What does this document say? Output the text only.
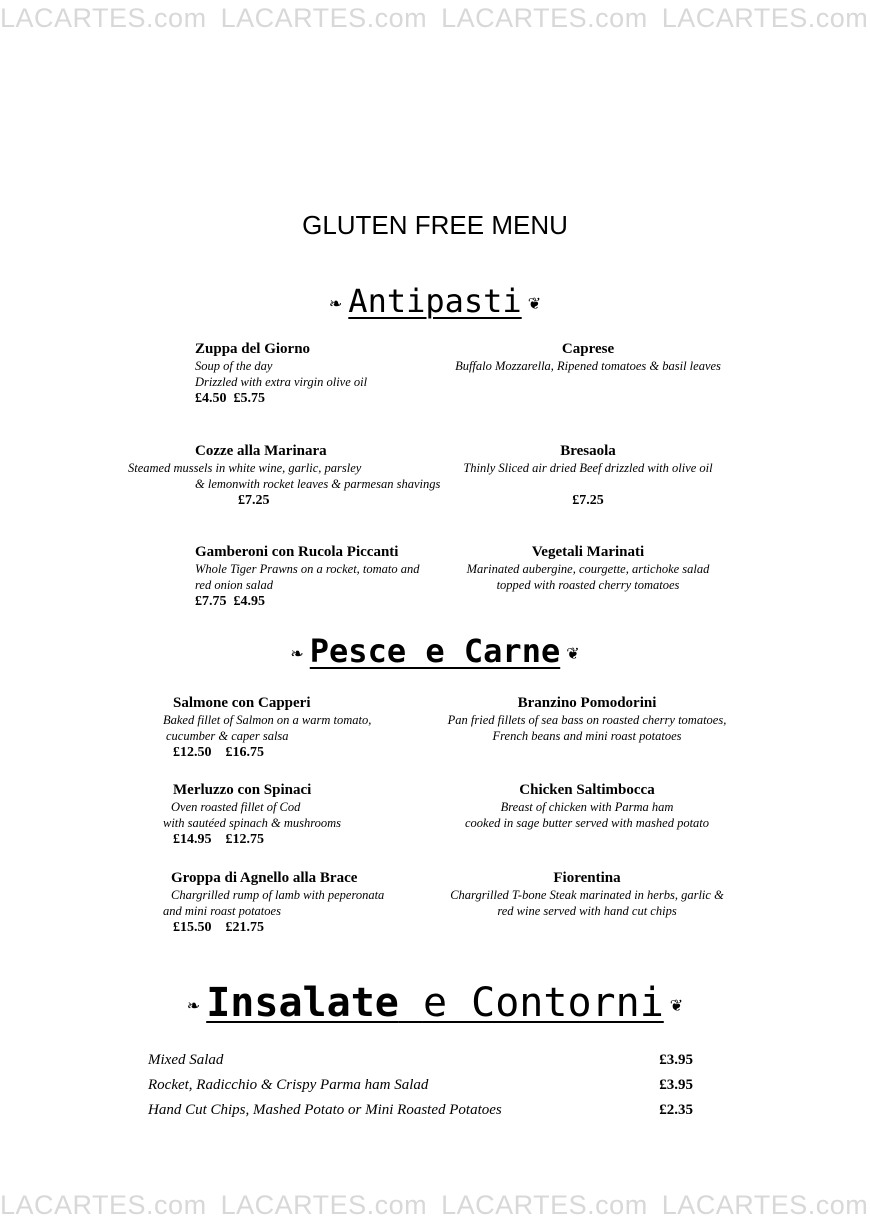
LACARTES.com LACARTES.com LACARTES.com LACARTES.com
GLUTEN FREE MENU
❧ Antipasti ❦
Zuppa del Giorno
Soup of the day
Drizzled with extra virgin olive oil
£4.50  £5.75
Caprese
Buffalo Mozzarella, Ripened tomatoes & basil leaves
Cozze alla Marinara
Steamed mussels in white wine, garlic, parsley
& lemonwith rocket leaves & parmesan shavings
£7.25
Bresaola
Thinly Sliced air dried Beef drizzled with olive oil

£7.25
Gamberoni con Rucola Piccanti
Whole Tiger Prawns on a rocket, tomato and
red onion salad
£7.75  £4.95
Vegetali Marinati
Marinated aubergine, courgette, artichoke salad
topped with roasted cherry tomatoes
❧ Pesce e Carne ❦
Salmone con Capperi
Baked fillet of Salmon on a warm tomato,
cucumber & caper salsa
£12.50    £16.75
Branzino Pomodorini
Pan fried fillets of sea bass on roasted cherry tomatoes,
French beans and mini roast potatoes
Merluzzo con Spinaci
Oven roasted fillet of Cod
with sautéed spinach & mushrooms
£14.95    £12.75
Chicken Saltimbocca
Breast of chicken with Parma ham
cooked in sage butter served with mashed potato
Groppa di Agnello alla Brace
Chargrilled rump of lamb with peperonata
and mini roast potatoes
£15.50    £21.75
Fiorentina
Chargrilled T-bone Steak marinated in herbs, garlic &
red wine served with hand cut chips
❧ Insalate e Contorni ❦
Mixed Salad	£3.95
Rocket, Radicchio & Crispy Parma ham Salad	£3.95
Hand Cut Chips, Mashed Potato or Mini Roasted Potatoes	£2.35
LACARTES.com LACARTES.com LACARTES.com LACARTES.com
